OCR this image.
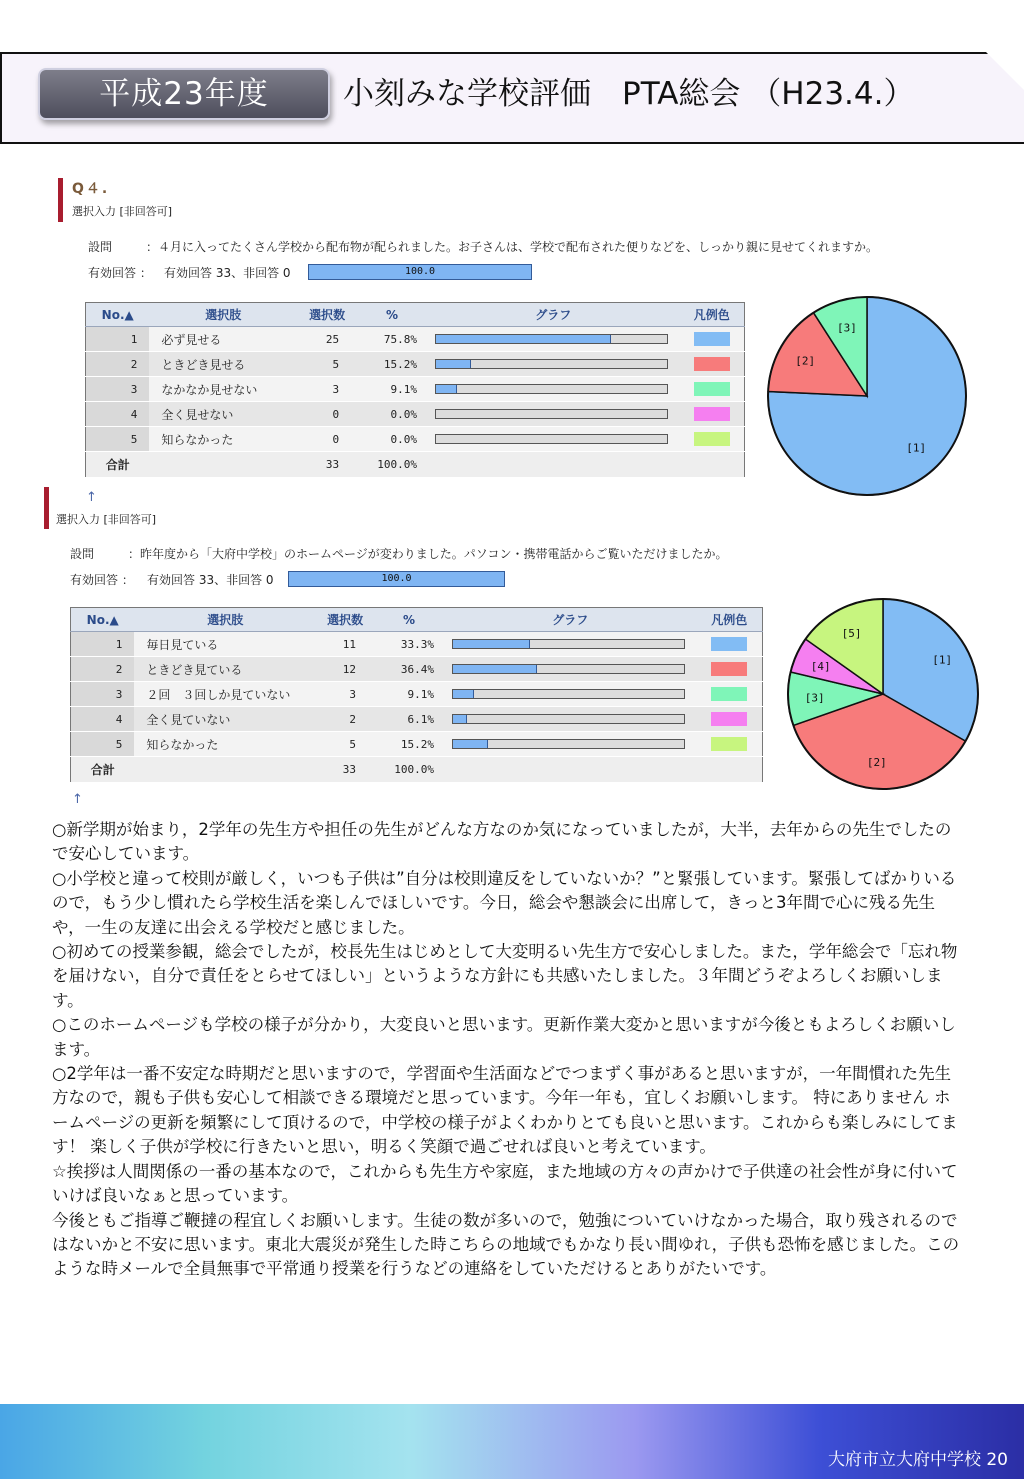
平成23年度	小刻みな学校評価　PTA総会 （H23.4.）
Q４.
選択入力 [非回答可]
設問	：４月に入ってたくさん学校から配布物が配られました。お子さんは、学校で配布された便りなどを、しっかり親に見せてくれますか。
有効回答 ： 有効回答 33、非回答 0	100.0
No.▲	選択肢	選択数	%	グラフ	凡例色
1	必ず見せる	25	75.8%	

2	ときどき見せる	5	15.2%	

3	なかなか見せない	3	9.1%	

4	全く見せない	0	0.0%	

5	知らなかった	0	0.0%	

合計		33	100.0%		
[1]
[2]
[3]
↑
選択入力 [非回答可]
設問	：昨年度から「大府中学校」のホームページが変わりました。パソコン・携帯電話からご覧いただけましたか。
有効回答 ： 有効回答 33、非回答 0	100.0
No.▲	選択肢	選択数	%	グラフ	凡例色
1	毎日見ている	11	33.3%	

2	ときどき見ている	12	36.4%	

3	２回　３回しか見ていない	3	9.1%	

4	全く見ていない	2	6.1%	

5	知らなかった	5	15.2%	

合計		33	100.0%		
[1]
[2]
[3]
[4]
[5]
↑

○新学期が始まり，2学年の先生方や担任の先生がどんな方なのか気になっていましたが，大半，去年からの先生でしたので安心しています。

○小学校と違って校則が厳しく，いつも子供は”自分は校則違反をしていないか？”と緊張しています。緊張してばかりいるので，もう少し慣れたら学校生活を楽しんでほしいです。今日，総会や懇談会に出席して，きっと3年間で心に残る先生や，一生の友達に出会える学校だと感じました。

○初めての授業参観，総会でしたが，校長先生はじめとして大変明るい先生方で安心しました。また，学年総会で「忘れ物を届けない，自分で責任をとらせてほしい」というような方針にも共感いたしました。３年間どうぞよろしくお願いします。

○このホームページも学校の様子が分かり，大変良いと思います。更新作業大変かと思いますが今後ともよろしくお願いします。

○2学年は一番不安定な時期だと思いますので，学習面や生活面などでつまずく事があると思いますが，一年間慣れた先生方なので，親も子供も安心して相談できる環境だと思っています。今年一年も，宜しくお願いします。 特にありません ホームページの更新を頻繁にして頂けるので，中学校の様子がよくわかりとても良いと思います。これからも楽しみにしてます！ 楽しく子供が学校に行きたいと思い，明るく笑顔で過ごせれば良いと考えています。

☆挨拶は人間関係の一番の基本なので，これからも先生方や家庭，また地域の方々の声かけで子供達の社会性が身に付いていけば良いなぁと思っています。

今後ともご指導ご鞭撻の程宜しくお願いします。生徒の数が多いので，勉強についていけなかった場合，取り残されるのではないかと不安に思います。東北大震災が発生した時こちらの地域でもかなり長い間ゆれ，子供も恐怖を感じました。このような時メールで全員無事で平常通り授業を行うなどの連絡をしていただけるとありがたいです。

大府市立大府中学校 20
